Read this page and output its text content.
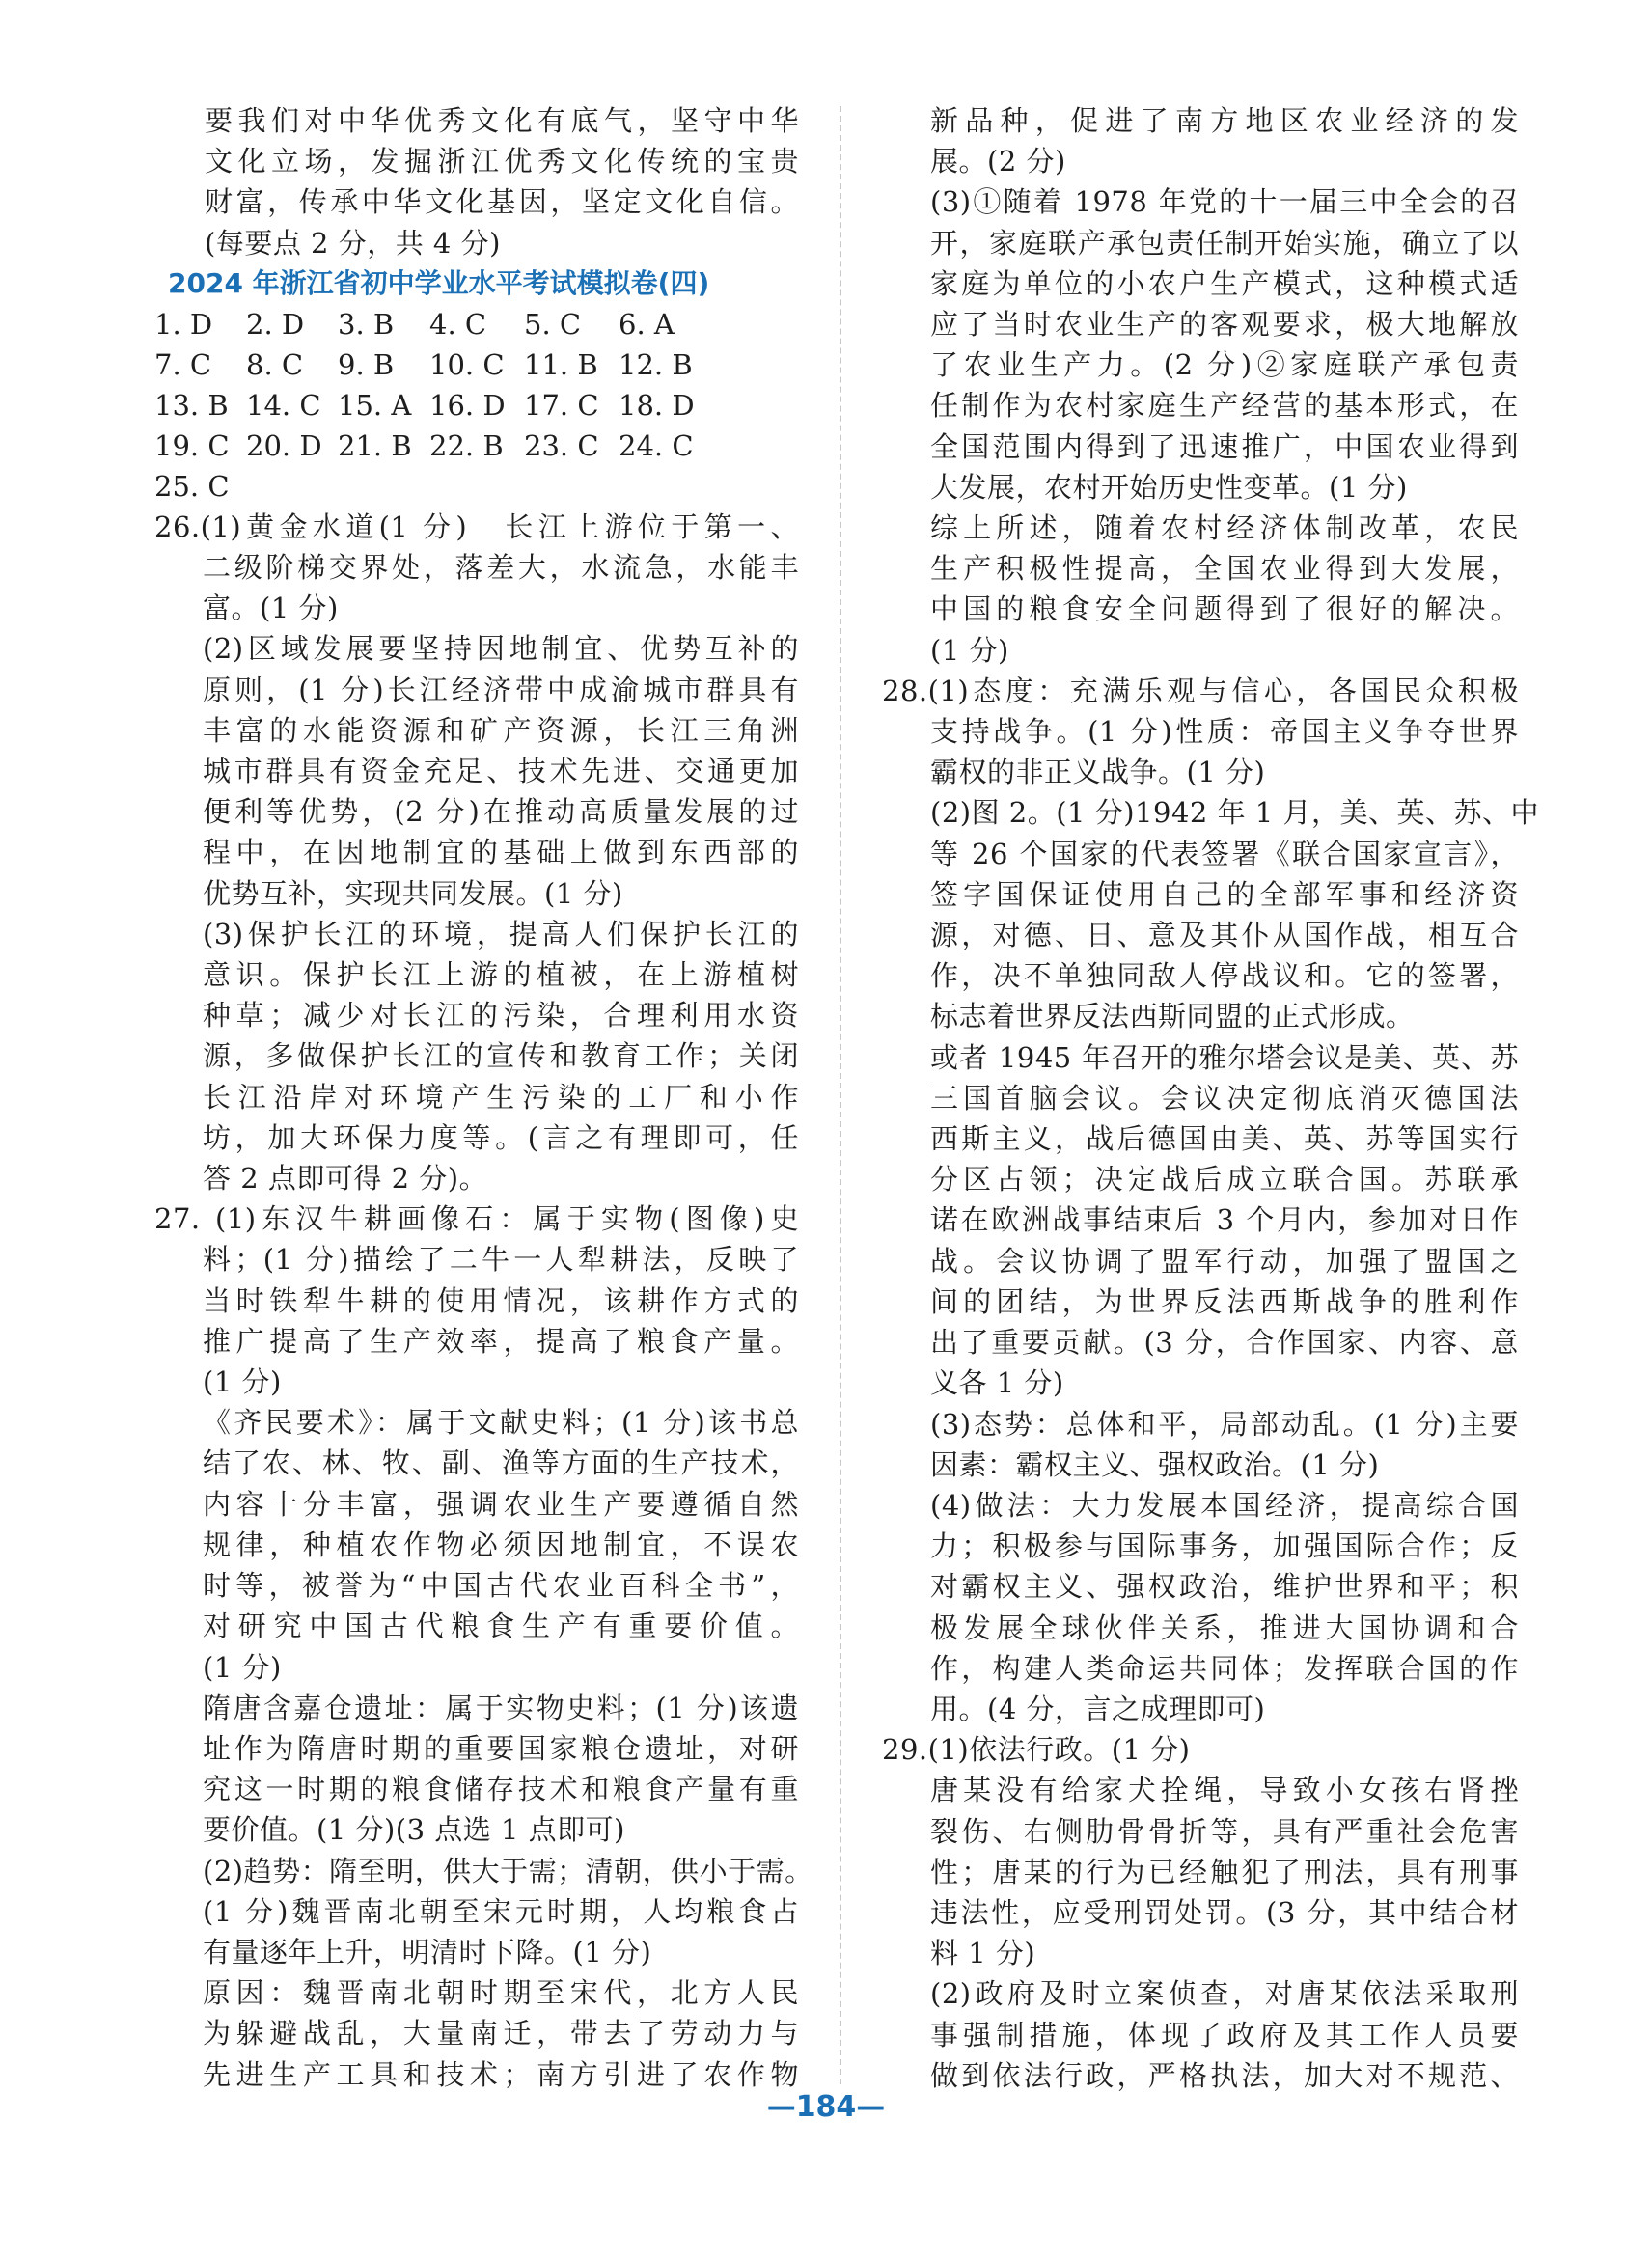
要我们对中华优秀文化有底气，坚守中华
文化立场，发掘浙江优秀文化传统的宝贵
财富，传承中华文化基因，坚定文化自信。
(每要点 2 分，共 4 分)
2024 年浙江省初中学业水平考试模拟卷(四)
1. D 2. D 3. B 4. C 5. C 6. A
7. C 8. C 9. B 10. C 11. B 12. B
13. B 14. C 15. A 16. D 17. C 18. D
19. C 20. D 21. B 22. B 23. C 24. C
25. C
26.(1)黄金水道(1 分)　长江上游位于第一、
二级阶梯交界处，落差大，水流急，水能丰
富。(1 分)
(2)区域发展要坚持因地制宜、优势互补的
原则，(1 分)长江经济带中成渝城市群具有
丰富的水能资源和矿产资源，长江三角洲
城市群具有资金充足、技术先进、交通更加
便利等优势，(2 分)在推动高质量发展的过
程中，在因地制宜的基础上做到东西部的
优势互补，实现共同发展。(1 分)
(3)保护长江的环境，提高人们保护长江的
意识。保护长江上游的植被，在上游植树
种草；减少对长江的污染，合理利用水资
源，多做保护长江的宣传和教育工作；关闭
长江沿岸对环境产生污染的工厂和小作
坊，加大环保力度等。(言之有理即可，任
答 2 点即可得 2 分)。
27. (1)东汉牛耕画像石：属于实物(图像)史
料；(1 分)描绘了二牛一人犁耕法，反映了
当时铁犁牛耕的使用情况，该耕作方式的
推广提高了生产效率，提高了粮食产量。
(1 分)
《齐民要术》：属于文献史料；(1 分)该书总
结了农、林、牧、副、渔等方面的生产技术，
内容十分丰富，强调农业生产要遵循自然
规律，种植农作物必须因地制宜，不误农
时等，被誉为“中国古代农业百科全书”，
对研究中国古代粮食生产有重要价值。
(1 分)
隋唐含嘉仓遗址：属于实物史料；(1 分)该遗
址作为隋唐时期的重要国家粮仓遗址，对研
究这一时期的粮食储存技术和粮食产量有重
要价值。(1 分)(3 点选 1 点即可)
(2)趋势：隋至明，供大于需；清朝，供小于需。
(1 分)魏晋南北朝至宋元时期，人均粮食占
有量逐年上升，明清时下降。(1 分)
原因：魏晋南北朝时期至宋代，北方人民
为躲避战乱，大量南迁，带去了劳动力与
先进生产工具和技术；南方引进了农作物
新品种，促进了南方地区农业经济的发
展。(2 分)
(3)①随着 1978 年党的十一届三中全会的召
开，家庭联产承包责任制开始实施，确立了以
家庭为单位的小农户生产模式，这种模式适
应了当时农业生产的客观要求，极大地解放
了农业生产力。(2 分)②家庭联产承包责
任制作为农村家庭生产经营的基本形式，在
全国范围内得到了迅速推广，中国农业得到
大发展，农村开始历史性变革。(1 分)
综上所述，随着农村经济体制改革，农民
生产积极性提高，全国农业得到大发展，
中国的粮食安全问题得到了很好的解决。
(1 分)
28.(1)态度：充满乐观与信心，各国民众积极
支持战争。(1 分)性质：帝国主义争夺世界
霸权的非正义战争。(1 分)
(2)图 2。(1 分)1942 年 1 月，美、英、苏、中
等 26 个国家的代表签署《联合国家宣言》，
签字国保证使用自己的全部军事和经济资
源，对德、日、意及其仆从国作战，相互合
作，决不单独同敌人停战议和。它的签署，
标志着世界反法西斯同盟的正式形成。
或者 1945 年召开的雅尔塔会议是美、英、苏
三国首脑会议。会议决定彻底消灭德国法
西斯主义，战后德国由美、英、苏等国实行
分区占领；决定战后成立联合国。苏联承
诺在欧洲战事结束后 3 个月内，参加对日作
战。会议协调了盟军行动，加强了盟国之
间的团结，为世界反法西斯战争的胜利作
出了重要贡献。(3 分，合作国家、内容、意
义各 1 分)
(3)态势：总体和平，局部动乱。(1 分)主要
因素：霸权主义、强权政治。(1 分)
(4)做法：大力发展本国经济，提高综合国
力；积极参与国际事务，加强国际合作；反
对霸权主义、强权政治，维护世界和平；积
极发展全球伙伴关系，推进大国协调和合
作，构建人类命运共同体；发挥联合国的作
用。(4 分，言之成理即可)
29.(1)依法行政。(1 分)
唐某没有给家犬拴绳，导致小女孩右肾挫
裂伤、右侧肋骨骨折等，具有严重社会危害
性；唐某的行为已经触犯了刑法，具有刑事
违法性，应受刑罚处罚。(3 分，其中结合材
料 1 分)
(2)政府及时立案侦查，对唐某依法采取刑
事强制措施，体现了政府及其工作人员要
做到依法行政，严格执法，加大对不规范、
—184—
